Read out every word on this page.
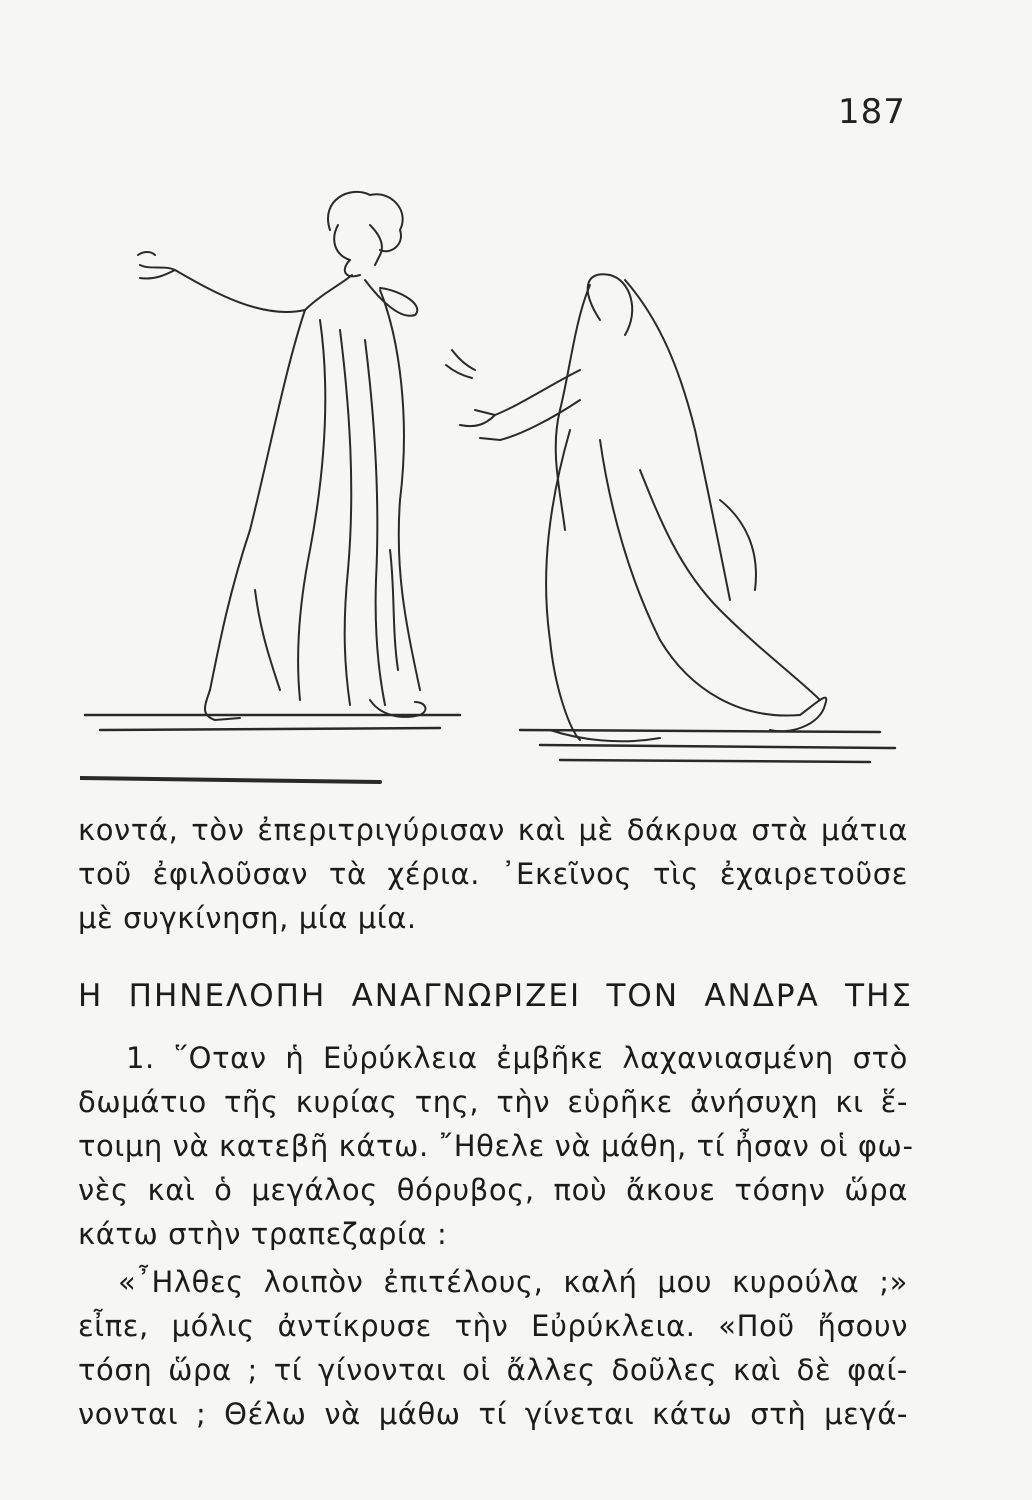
187
κοντά, τὸν ἐπεριτριγύρισαν καὶ μὲ δάκρυα στὰ μάτια
τοῦ ἐφιλοῦσαν τὰ χέρια. ᾿Εκεῖνος τὶς ἐχαιρετοῦσε
μὲ συγκίνηση, μία μία.
Η ΠΗΝΕΛΟΠΗ ΑΝΑΓΝΩΡΙΖΕΙ ΤΟΝ ΑΝΔΡΑ ΤΗΣ
1. ῞Οταν ἡ Εὐρύκλεια ἐμβῆκε λαχανιασμένη στὸ
δωμάτιο τῆς κυρίας της, τὴν εὑρῆκε ἀνήσυχη κι ἕ-
τοιμη νὰ κατεβῆ κάτω. ῎Ηθελε νὰ μάθη, τί ἦσαν οἱ φω-
νὲς καὶ ὁ μεγάλος θόρυβος, ποὺ ἄκουε τόσην ὥρα
κάτω στὴν τραπεζαρία :
«῏Ηλθες λοιπὸν ἐπιτέλους, καλή μου κυρούλα ;»
εἶπε, μόλις ἀντίκρυσε τὴν Εὐρύκλεια. «Ποῦ ἤσουν
τόση ὥρα ; τί γίνονται οἱ ἄλλες δοῦλες καὶ δὲ φαί-
νονται ; Θέλω νὰ μάθω τί γίνεται κάτω στὴ μεγά-
